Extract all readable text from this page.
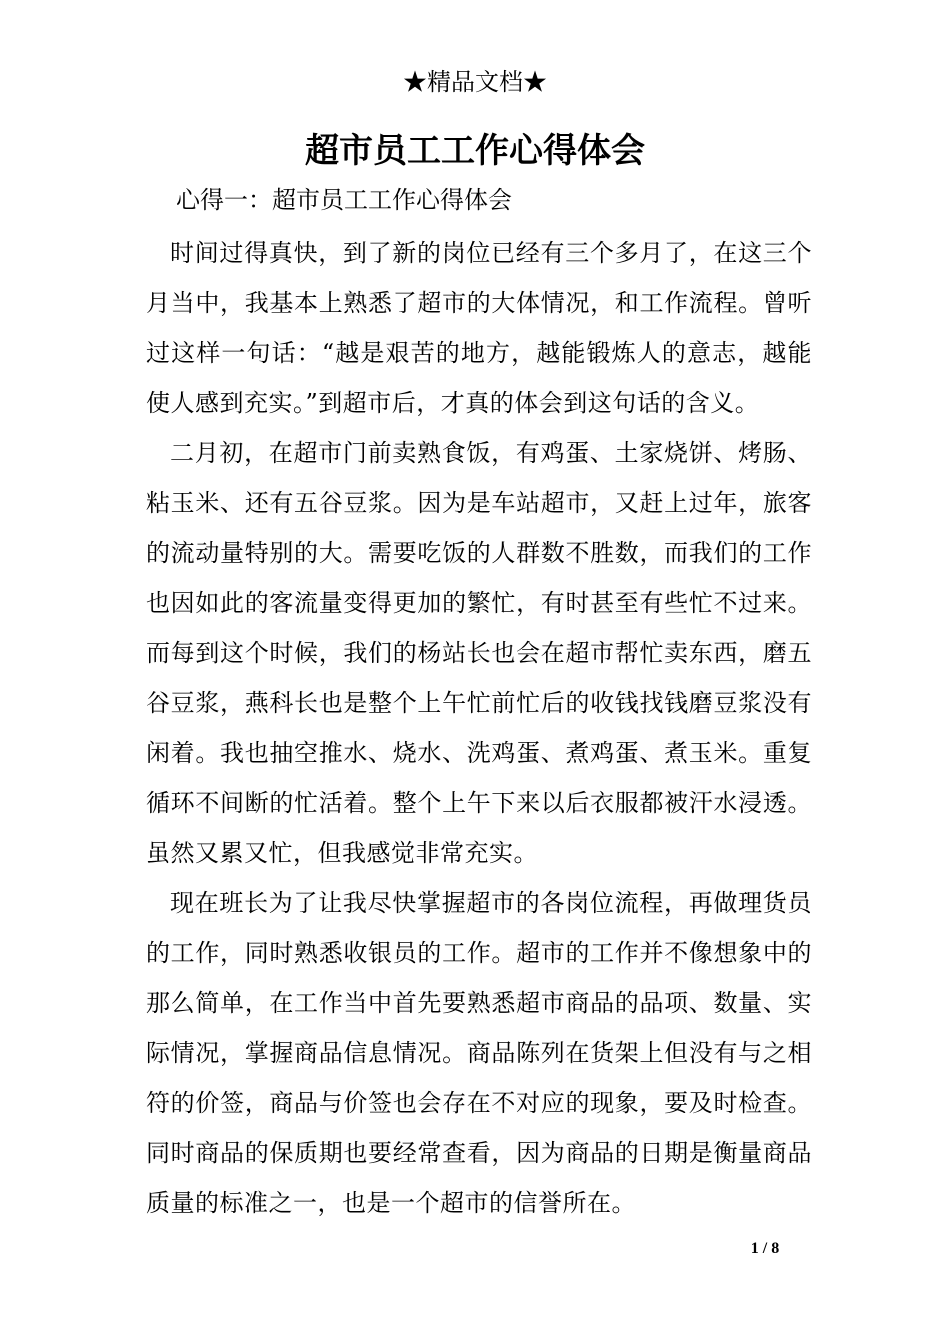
★精品文档★
超市员工工作心得体会
心得一：超市员工工作心得体会

时间过得真快，到了新的岗位已经有三个多月了，在这三个月当中，我基本上熟悉了超市的大体情况，和工作流程。曾听过这样一句话：“越是艰苦的地方，越能锻炼人的意志，越能使人感到充实。”到超市后，才真的体会到这句话的含义。

二月初，在超市门前卖熟食饭，有鸡蛋、土家烧饼、烤肠、粘玉米、还有五谷豆浆。因为是车站超市，又赶上过年，旅客的流动量特别的大。需要吃饭的人群数不胜数，而我们的工作也因如此的客流量变得更加的繁忙，有时甚至有些忙不过来。而每到这个时候，我们的杨站长也会在超市帮忙卖东西，磨五谷豆浆，燕科长也是整个上午忙前忙后的收钱找钱磨豆浆没有闲着。我也抽空推水、烧水、洗鸡蛋、煮鸡蛋、煮玉米。重复循环不间断的忙活着。整个上午下来以后衣服都被汗水浸透。虽然又累又忙，但我感觉非常充实。

现在班长为了让我尽快掌握超市的各岗位流程，再做理货员的工作，同时熟悉收银员的工作。超市的工作并不像想象中的那么简单，在工作当中首先要熟悉超市商品的品项、数量、实际情况，掌握商品信息情况。商品陈列在货架上但没有与之相符的价签，商品与价签也会存在不对应的现象，要及时检查。同时商品的保质期也要经常查看，因为商品的日期是衡量商品质量的标准之一，也是一个超市的信誉所在。

1 / 8
